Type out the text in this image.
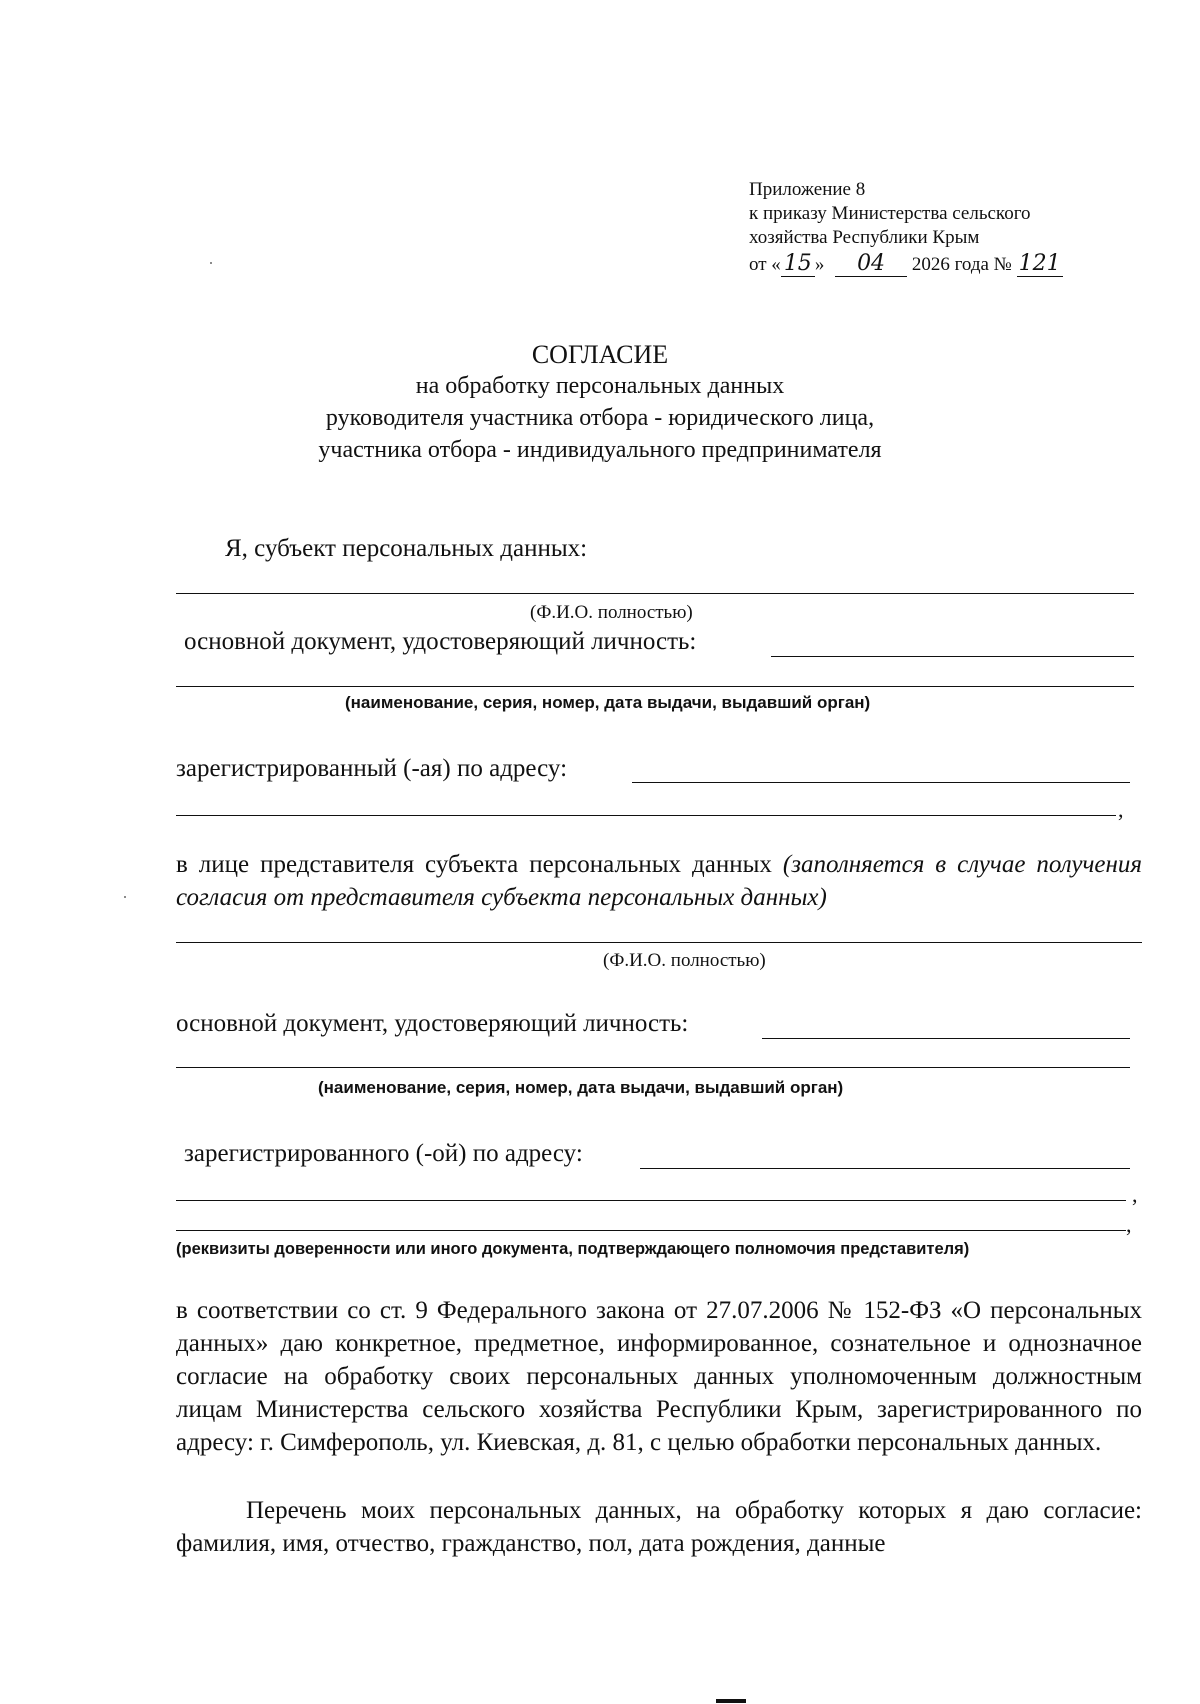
Приложение 8
к приказу Министерства сельского
хозяйства Республики Крым
от « 15 » 04 2026 года № 121
СОГЛАСИЕ
на обработку персональных данных
руководителя участника отбора - юридического лица,
участника отбора - индивидуального предпринимателя
Я, субъект персональных данных:
(Ф.И.О. полностью)
основной документ, удостоверяющий личность:
(наименование, серия, номер, дата выдачи, выдавший орган)
зарегистрированный (-ая) по адресу:
,
в лице представителя субъекта персональных данных (заполняется в случае получения согласия от представителя субъекта персональных данных)
(Ф.И.О. полностью)
основной документ, удостоверяющий личность:
(наименование, серия, номер, дата выдачи, выдавший орган)
зарегистрированного (-ой) по адресу:
,
,
(реквизиты доверенности или иного документа, подтверждающего полномочия представителя)
в соответствии со ст. 9 Федерального закона от 27.07.2006 № 152-ФЗ «О персональных данных» даю конкретное, предметное, информированное, сознательное и однозначное согласие на обработку своих персональных данных уполномоченным должностным лицам Министерства сельского хозяйства Республики Крым, зарегистрированного по адресу: г. Симферополь, ул. Киевская, д. 81, с целью обработки персональных данных.
Перечень моих персональных данных, на обработку которых я даю согласие: фамилия, имя, отчество, гражданство, пол, дата рождения, данные
